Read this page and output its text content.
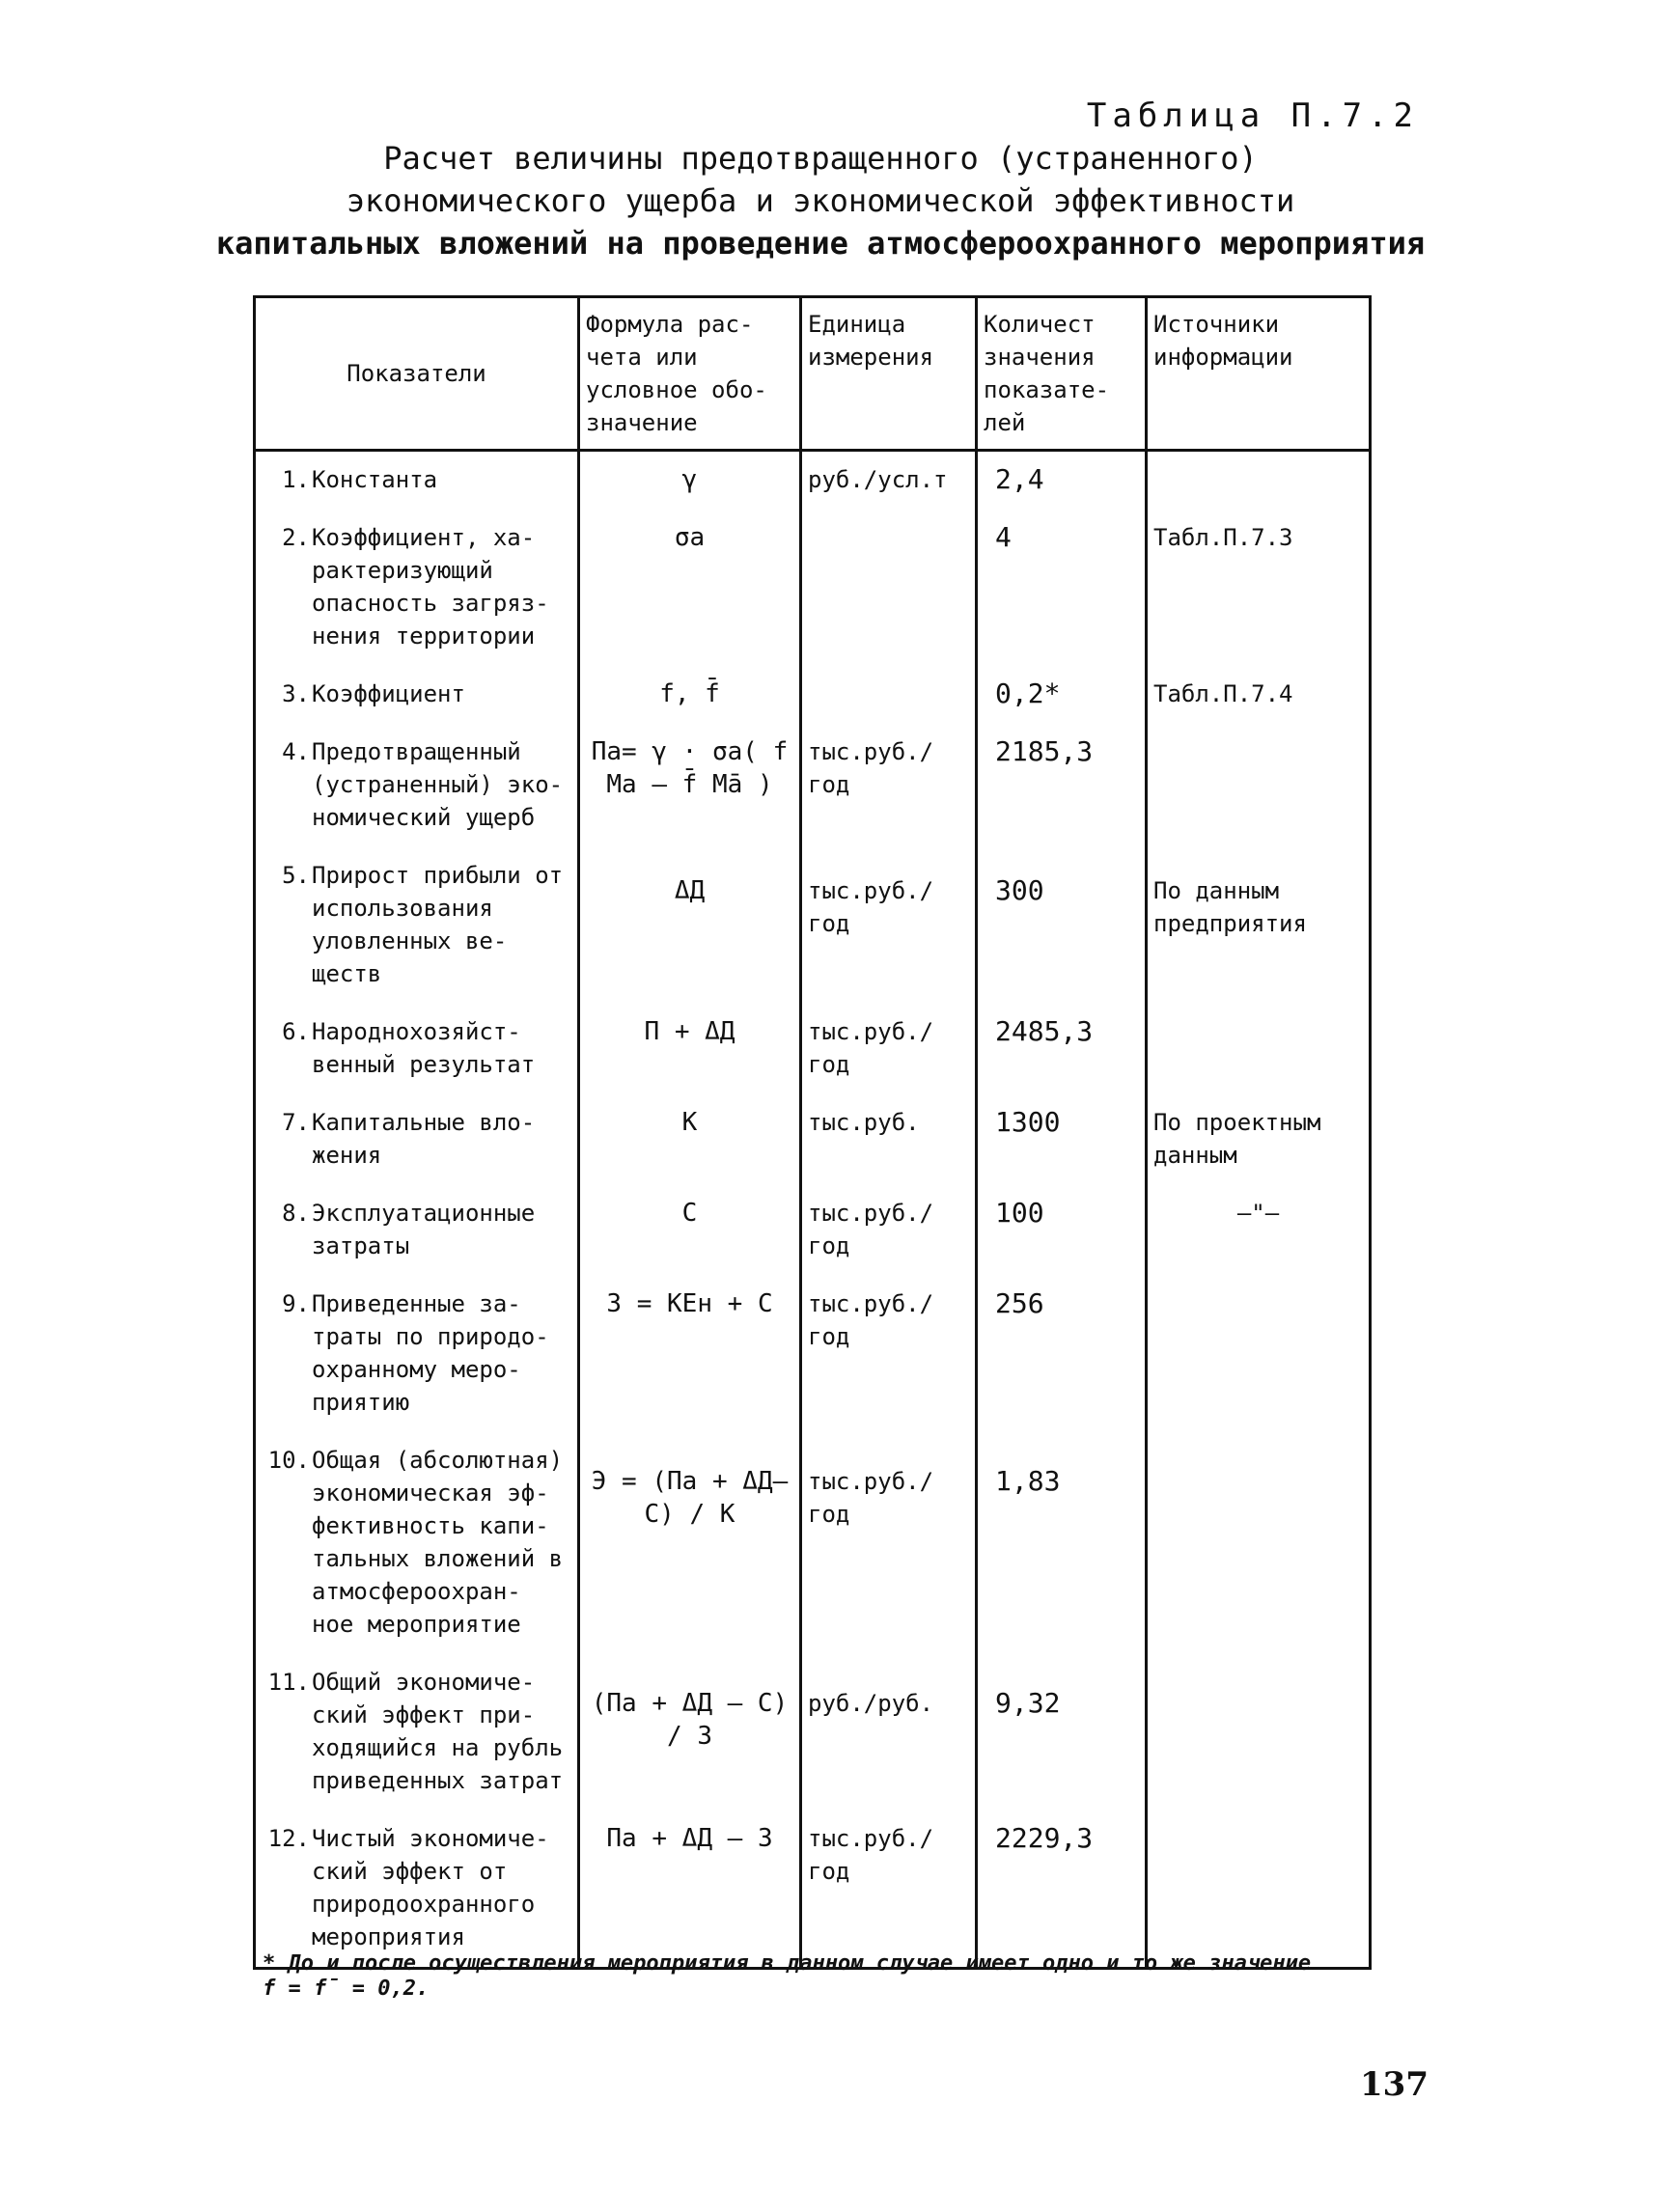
Таблица П.7.2
Расчет величины предотвращенного (устраненного)
экономического ущерба и экономической эффективности
капитальных вложений на проведение атмосфероохранного мероприятия
Показатели	Формула рас- чета или условное обо- значение	Единица измерения	Количест значения показате- лей	Источники информации

1. Константа	γ	руб./усл.т	2,4	

2. Коэффициент, ха- рактеризующий опасность загряз- нения территории	σа		4	Табл.П.7.3

3. Коэффициент	f, f̄		0,2*	Табл.П.7.4

4. Предотвращенный (устраненный) эко- номический ущерб	Пa= γ · σа( f Мa – f̄ М̄a )	тыс.руб./ год	2185,3	

5. Прирост прибыли от использования уловленных ве- ществ	ΔД	тыс.руб./ год	300	По данным предприятия

6. Народнохозяйст- венный результат	П + ΔД	тыс.руб./ год	2485,3	

7. Капитальные вло- жения	К	тыс.руб.	1300	По проектным данным

8. Эксплуатационные затраты	С	тыс.руб./ год	100	–"–

9. Приведенные за- траты по природо- охранному меро- приятию	З = КЕн + С	тыс.руб./ год	256	

10. Общая (абсолютная) экономическая эф- фективность капи- тальных вложений в атмосфероохран- ное мероприятие	Э = (Пa + ΔД–С) / К	тыс.руб./ год	1,83	

11. Общий экономиче- ский эффект при- ходящийся на рубль приведенных затрат	(Пa + ΔД – С) / З	руб./руб.	9,32	

12. Чистый экономиче- ский эффект от природоохранного мероприятия	Пa + ΔД – З	тыс.руб./ год	2229,3	
* До и после осуществления мероприятия в данном случае имеет одно и то же значение f = f̄ = 0,2.
137
